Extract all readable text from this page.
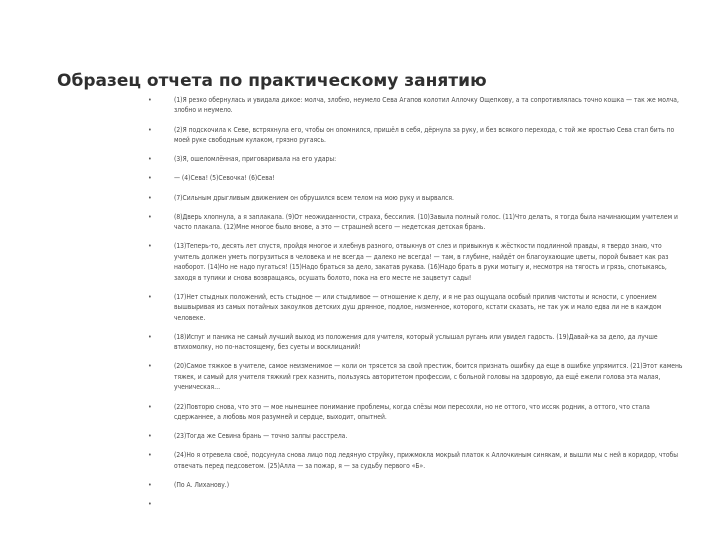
Образец отчета по практическому занятию
•	(1)Я резко обернулась и увидала дикое: молча, злобно, неумело Сева Агапов колотил Аллочку Ощепкову, а та сопротивлялась точно кошка — так же молча, злобно и неумело.
•	(2)Я подскочила к Севе, встряхнула его, чтобы он опомнился, пришёл в себя, дёрнула за руку, и без всякого перехода, с той же яростью Сева стал бить по моей руке свободным кулаком, грязно ругаясь.
•	(3)Я, ошеломлённая, приговаривала на его удары:
•	— (4)Сева! (5)Севочка! (6)Сева!
•	(7)Сильным дрыгливым движением он обрушился всем телом на мою руку и вырвался.
•	(8)Дверь хлопнула, а я заплакала. (9)От неожиданности, страха, бессилия. (10)Завыла полный голос. (11)Что делать, я тогда была начинающим учителем и часто плакала. (12)Мне многое было внове, а это — страшней всего — недетская детская брань.
•	(13)Теперь-то, десять лет спустя, пройдя многое и хлебнув разного, отвыкнув от слез и привыкнув к жёсткости подлинной правды, я твердо знаю, что учитель должен уметь погрузиться в человека и не всегда — далеко не всегда! — там, в глубине, найдёт он благоухающие цветы, порой бывает как раз наоборот. (14)Но не надо пугаться! (15)Надо браться за дело, закатав рукава. (16)Надо брать в руки мотыгу и, несмотря на тягость и грязь, спотыкаясь, заходя в тупики и снова возвращаясь, осушать болото, пока на его месте не зацветут сады!
•	(17)Нет стыдных положений, есть стыдное — или стыдливое — отношение к делу, и я не раз ощущала особый прилив чистоты и ясности, с упоением вышвыривая из самых потайных закоулков детских душ дрянное, подлое, низменное, которого, кстати сказать, не так уж и мало едва ли не в каждом человеке.
•	(18)Испуг и паника не самый лучший выход из положения для учителя, который услышал ругань или увидел гадость. (19)Давай-ка за дело, да лучше втихомолку, но по-настоящему, без суеты и восклицаний!
•	(20)Самое тяжкое в учителе, самое неизменимое — коли он трясется за свой престиж, боится признать ошибку да еще в ошибке упрямится. (21)Этот камень тяжек, и самый для учителя тяжкий грех казнить, пользуясь авторитетом профессии, с больной головы на здоровую, да ещё ежели голова эта малая, ученическая…
•	(22)Повторю снова, что это — мое нынешнее понимание проблемы, когда слёзы мои пересохли, но не оттого, что иссяк родник, а оттого, что стала сдержаннее, а любовь моя разумней и сердце, выходит, опытней.
•	(23)Тогда же Севина брань — точно залпы расстрела.
•	(24)Но я отревела своё, подсунула снова лицо под ледяную струйку, прижмокла мокрый платок к Аллочкиным синякам, и вышли мы с ней в коридор, чтобы отвечать перед педсоветом. (25)Алла — за пожар, я — за судьбу первого «Б».
•	(По А. Лиханову.)
•
